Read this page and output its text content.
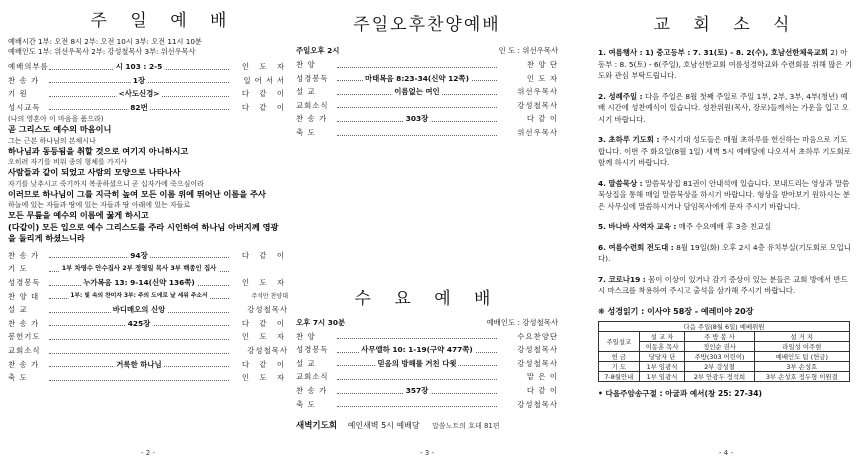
주 일 예 배
예배시간 1부: 오전 8시 2부: 오전 10시 3부: 오전 11시 10분
예배인도 1부: 위선우목사 2부: 강성철목사 3부: 위선우목사
예배의부름	시 103 : 2-5	인 도 자
찬 송 가	1장	일어서서
기 원	<사도신경>	다 같 이
성시교독	82번	다 같 이
(나의 영혼아 이 마음을 품으라)
곧 그리스도 예수의 마음이니
그는 근본 하나님의 본체시나
하나님과 동등됨을 취할 것으로 여기지 아니하시고
오히려 자기를 비워 종의 형체를 가지사
사람들과 같이 되었고 사람의 모양으로 나타나사
자기를 낮추시고 죽기까지 복종하셨으니 곧 십자가에 죽으심이라
이러므로 하나님이 그를 지극히 높여 모든 이름 위에 뛰어난 이름을 주사
하늘에 있는 자들과 땅에 있는 자들과 땅 아래에 있는 자들로
모든 무릎을 예수의 이름에 꿇게 하시고
(다같이) 모든 입으로 예수 그리스도를 주라 시인하여 하나님 아버지께 영광을 돌리게 하셨느니라
찬 송 가	94장	다 같 이
기 도	1부 차영수 안수집사 2부 정영일 목사 3부 백종인 집사
성경봉독	누가복음 13: 9-14(신약 136쪽)	인 도 자
찬 양 대	1부: 빛 속의 찬미자 3부: 주의 도에로 날 세워 주소서	주석만 찬양대
설 교	바디매오의 신앙	강성철목사
찬 송 가	425장	다 같 이
봉헌기도	인 도 자
교회소식	강성철목사
찬 송 가	거룩한 하나님	다 같 이
축 도	인 도 자
- 2 -
주일오후찬양예배
주일오후 2시	인 도 : 위선우목사
찬 양	찬 양 단
성경봉독	마태복음 8:23-34(신약 12쪽)	인 도 자
설 교	이름없는 여인	위선우목사
교회소식	강성철목사
찬 송 가	303장	다 같 이
축 도	위선우목사
수 요 예 배
오후 7시 30분	예배인도 : 강성철목사
찬 양	수요찬양단
성경봉독	사무엘하 10: 1-19(구약 477쪽)	강성철목사
설 교	믿음의 방해를 거친 다윗	강성철목사
교회소식	맡 은 이
찬 송 가	357장	다 같 이
축 도	강성철목사
새벽기도회 예인새벽 5시 예배당 말씀노트의 호데 81편
- 3 -
교 회 소 식
1. 여름행사 : 1) 중고등부 : 7. 31(토) - 8. 2(수), 호남선한체육교회 2) 아동부 : 8. 5(토) - 6(주일), 호남선한교회 여름성경학교와 수련회를 위해 많은 기도와 관심 부탁드립니다.
2. 성례주일 : 다음 주일은 8월 첫째 주일로 주일 1부, 2부, 3부, 4부(청년) 예배 시간에 성찬예식이 있습니다. 성찬위원(목사, 장로)들께서는 가운을 입고 오시기 바랍니다.
3. 초하루 기도회 : 주시기대 성도들은 매월 초하루를 헌신하는 마음으로 기도합니다. 이번 주 화요일(8월 1일) 새벽 5시 예배당에 나오셔서 초하루 기도회로 함께 하시기 바랍니다.
4. 말씀묵상 : 말씀묵상집 81권이 안내석에 있습니다. 보내드리는 영상과 말씀묵상집을 통해 매일 말씀묵상을 하시기 바랍니다. 형상을 받아보기 원하시는 분은 사무실에 말씀하시거나 담임목사에게 문자 주시기 바랍니다.
5. 바나바 사역자 교육 : 매주 수요예배 후 3층 친교실
6. 여름수련회 전도대 : 8월 19일(화) 오후 2시 4층 유치부실(기도회로 모입니다).
7. 코로나19 : 몸이 이상이 있거나 감기 증상이 있는 분들은 교회 방에서 반드시 마스크를 착용하여 주시고 출석을 삼가해 주시기 바랍니다.
❋ 성경읽기 : 이사야 58장 - 예레미야 20장
다음 주일(8월 6일) 예배위원			
주일설교	설 교 자	주 방 봉 사	설 거 지
	이동훈 목사	정인순 권사	라일성 이주현
헌 금	당당자 단	주방(303 어린이)	예배인도 팀 (헌금)
기 도	1부 임광식	2부 강성철	3부 손성호
7-8월안내	1부 임광식	2부 안광두 정석희	3부 손성호 정두형 이원결
• 다음주암송구절 : 아굴과 예서(창 25: 27-34)
- 4 -
